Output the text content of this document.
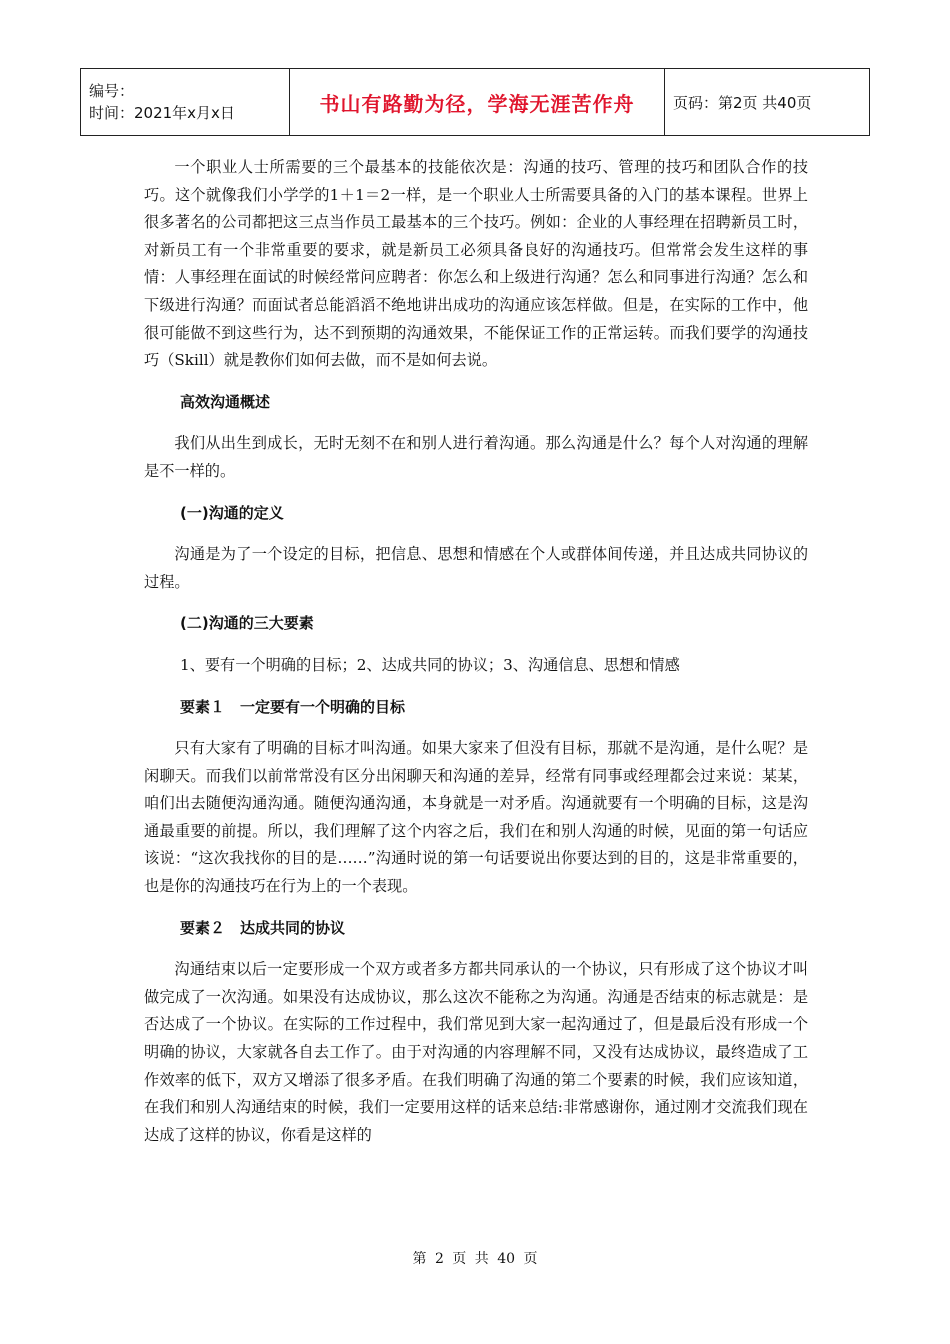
编号：
时间：2021年x月x日	书山有路勤为径，学海无涯苦作舟	页码：第2页 共40页

一个职业人士所需要的三个最基本的技能依次是：沟通的技巧、管理的技巧和团队合作的技巧。这个就像我们小学学的1＋1＝2一样，是一个职业人士所需要具备的入门的基本课程。世界上很多著名的公司都把这三点当作员工最基本的三个技巧。例如：企业的人事经理在招聘新员工时，对新员工有一个非常重要的要求，就是新员工必须具备良好的沟通技巧。但常常会发生这样的事情：人事经理在面试的时候经常问应聘者：你怎么和上级进行沟通？怎么和同事进行沟通？怎么和下级进行沟通？而面试者总能滔滔不绝地讲出成功的沟通应该怎样做。但是，在实际的工作中，他很可能做不到这些行为，达不到预期的沟通效果，不能保证工作的正常运转。而我们要学的沟通技巧（Skill）就是教你们如何去做，而不是如何去说。

高效沟通概述

我们从出生到成长，无时无刻不在和别人进行着沟通。那么沟通是什么？每个人对沟通的理解是不一样的。

(一)沟通的定义

沟通是为了一个设定的目标，把信息、思想和情感在个人或群体间传递，并且达成共同协议的过程。

(二)沟通的三大要素

1、要有一个明确的目标；2、达成共同的协议；3、沟通信息、思想和情感

要素１　一定要有一个明确的目标

只有大家有了明确的目标才叫沟通。如果大家来了但没有目标，那就不是沟通，是什么呢？是闲聊天。而我们以前常常没有区分出闲聊天和沟通的差异，经常有同事或经理都会过来说：某某，咱们出去随便沟通沟通。随便沟通沟通，本身就是一对矛盾。沟通就要有一个明确的目标，这是沟通最重要的前提。所以，我们理解了这个内容之后，我们在和别人沟通的时候，见面的第一句话应该说：“这次我找你的目的是……”沟通时说的第一句话要说出你要达到的目的，这是非常重要的，也是你的沟通技巧在行为上的一个表现。

要素２　达成共同的协议

沟通结束以后一定要形成一个双方或者多方都共同承认的一个协议，只有形成了这个协议才叫做完成了一次沟通。如果没有达成协议，那么这次不能称之为沟通。沟通是否结束的标志就是：是否达成了一个协议。在实际的工作过程中，我们常见到大家一起沟通过了，但是最后没有形成一个明确的协议，大家就各自去工作了。由于对沟通的内容理解不同，又没有达成协议，最终造成了工作效率的低下，双方又增添了很多矛盾。在我们明确了沟通的第二个要素的时候，我们应该知道，在我们和别人沟通结束的时候，我们一定要用这样的话来总结:非常感谢你，通过刚才交流我们现在达成了这样的协议，你看是这样的

第 2 页 共 40 页
